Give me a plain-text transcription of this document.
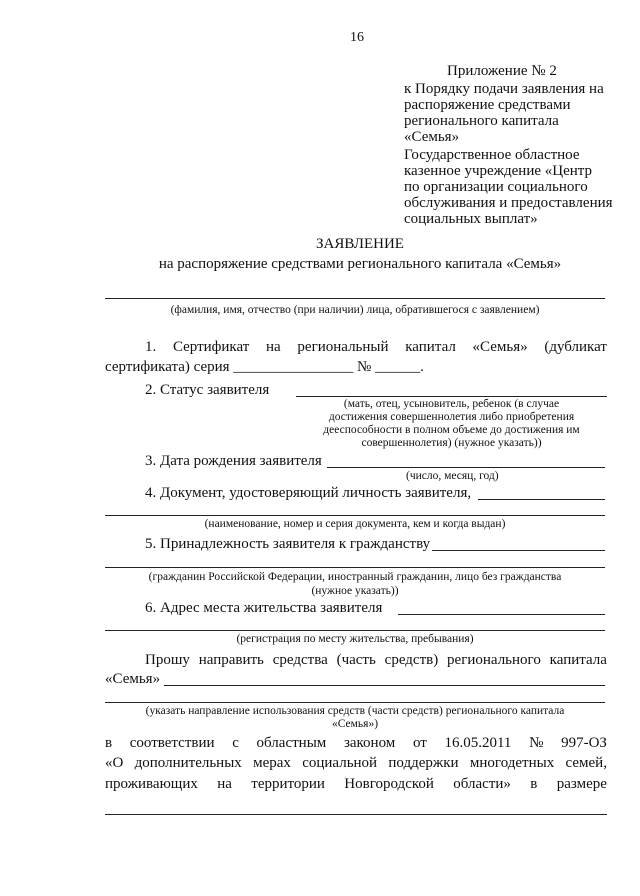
16
Приложение № 2
к Порядку подачи заявления на
распоряжение средствами
регионального капитала
«Семья»
Государственное областное
казенное учреждение «Центр
по организации социального
обслуживания и предоставления
социальных выплат»
ЗАЯВЛЕНИЕ
на распоряжение средствами регионального капитала «Семья»
(фамилия, имя, отчество (при наличии) лица, обратившегося с заявлением)
1. Сертификат на региональный капитал «Семья» (дубликат
сертификата) серия ________________ № ______.
2. Статус заявителя
(мать, отец, усыновитель, ребенок (в случае
достижения совершеннолетия либо приобретения
дееспособности в полном объеме до достижения им
совершеннолетия) (нужное указать))
3. Дата рождения заявителя
(число, месяц, год)
4. Документ, удостоверяющий личность заявителя,
(наименование, номер и серия документа, кем и когда выдан)
5. Принадлежность заявителя к гражданству
(гражданин Российской Федерации, иностранный гражданин, лицо без гражданства
(нужное указать))
6. Адрес места жительства заявителя
(регистрация по месту жительства, пребывания)
Прошу направить средства (часть средств) регионального капитала
«Семья»
(указать направление использования средств (части средств) регионального капитала
«Семья»)
в соответствии с областным законом от 16.05.2011 № 997-ОЗ
«О дополнительных мерах социальной поддержки многодетных семей,
проживающих на территории Новгородской области» в размере
